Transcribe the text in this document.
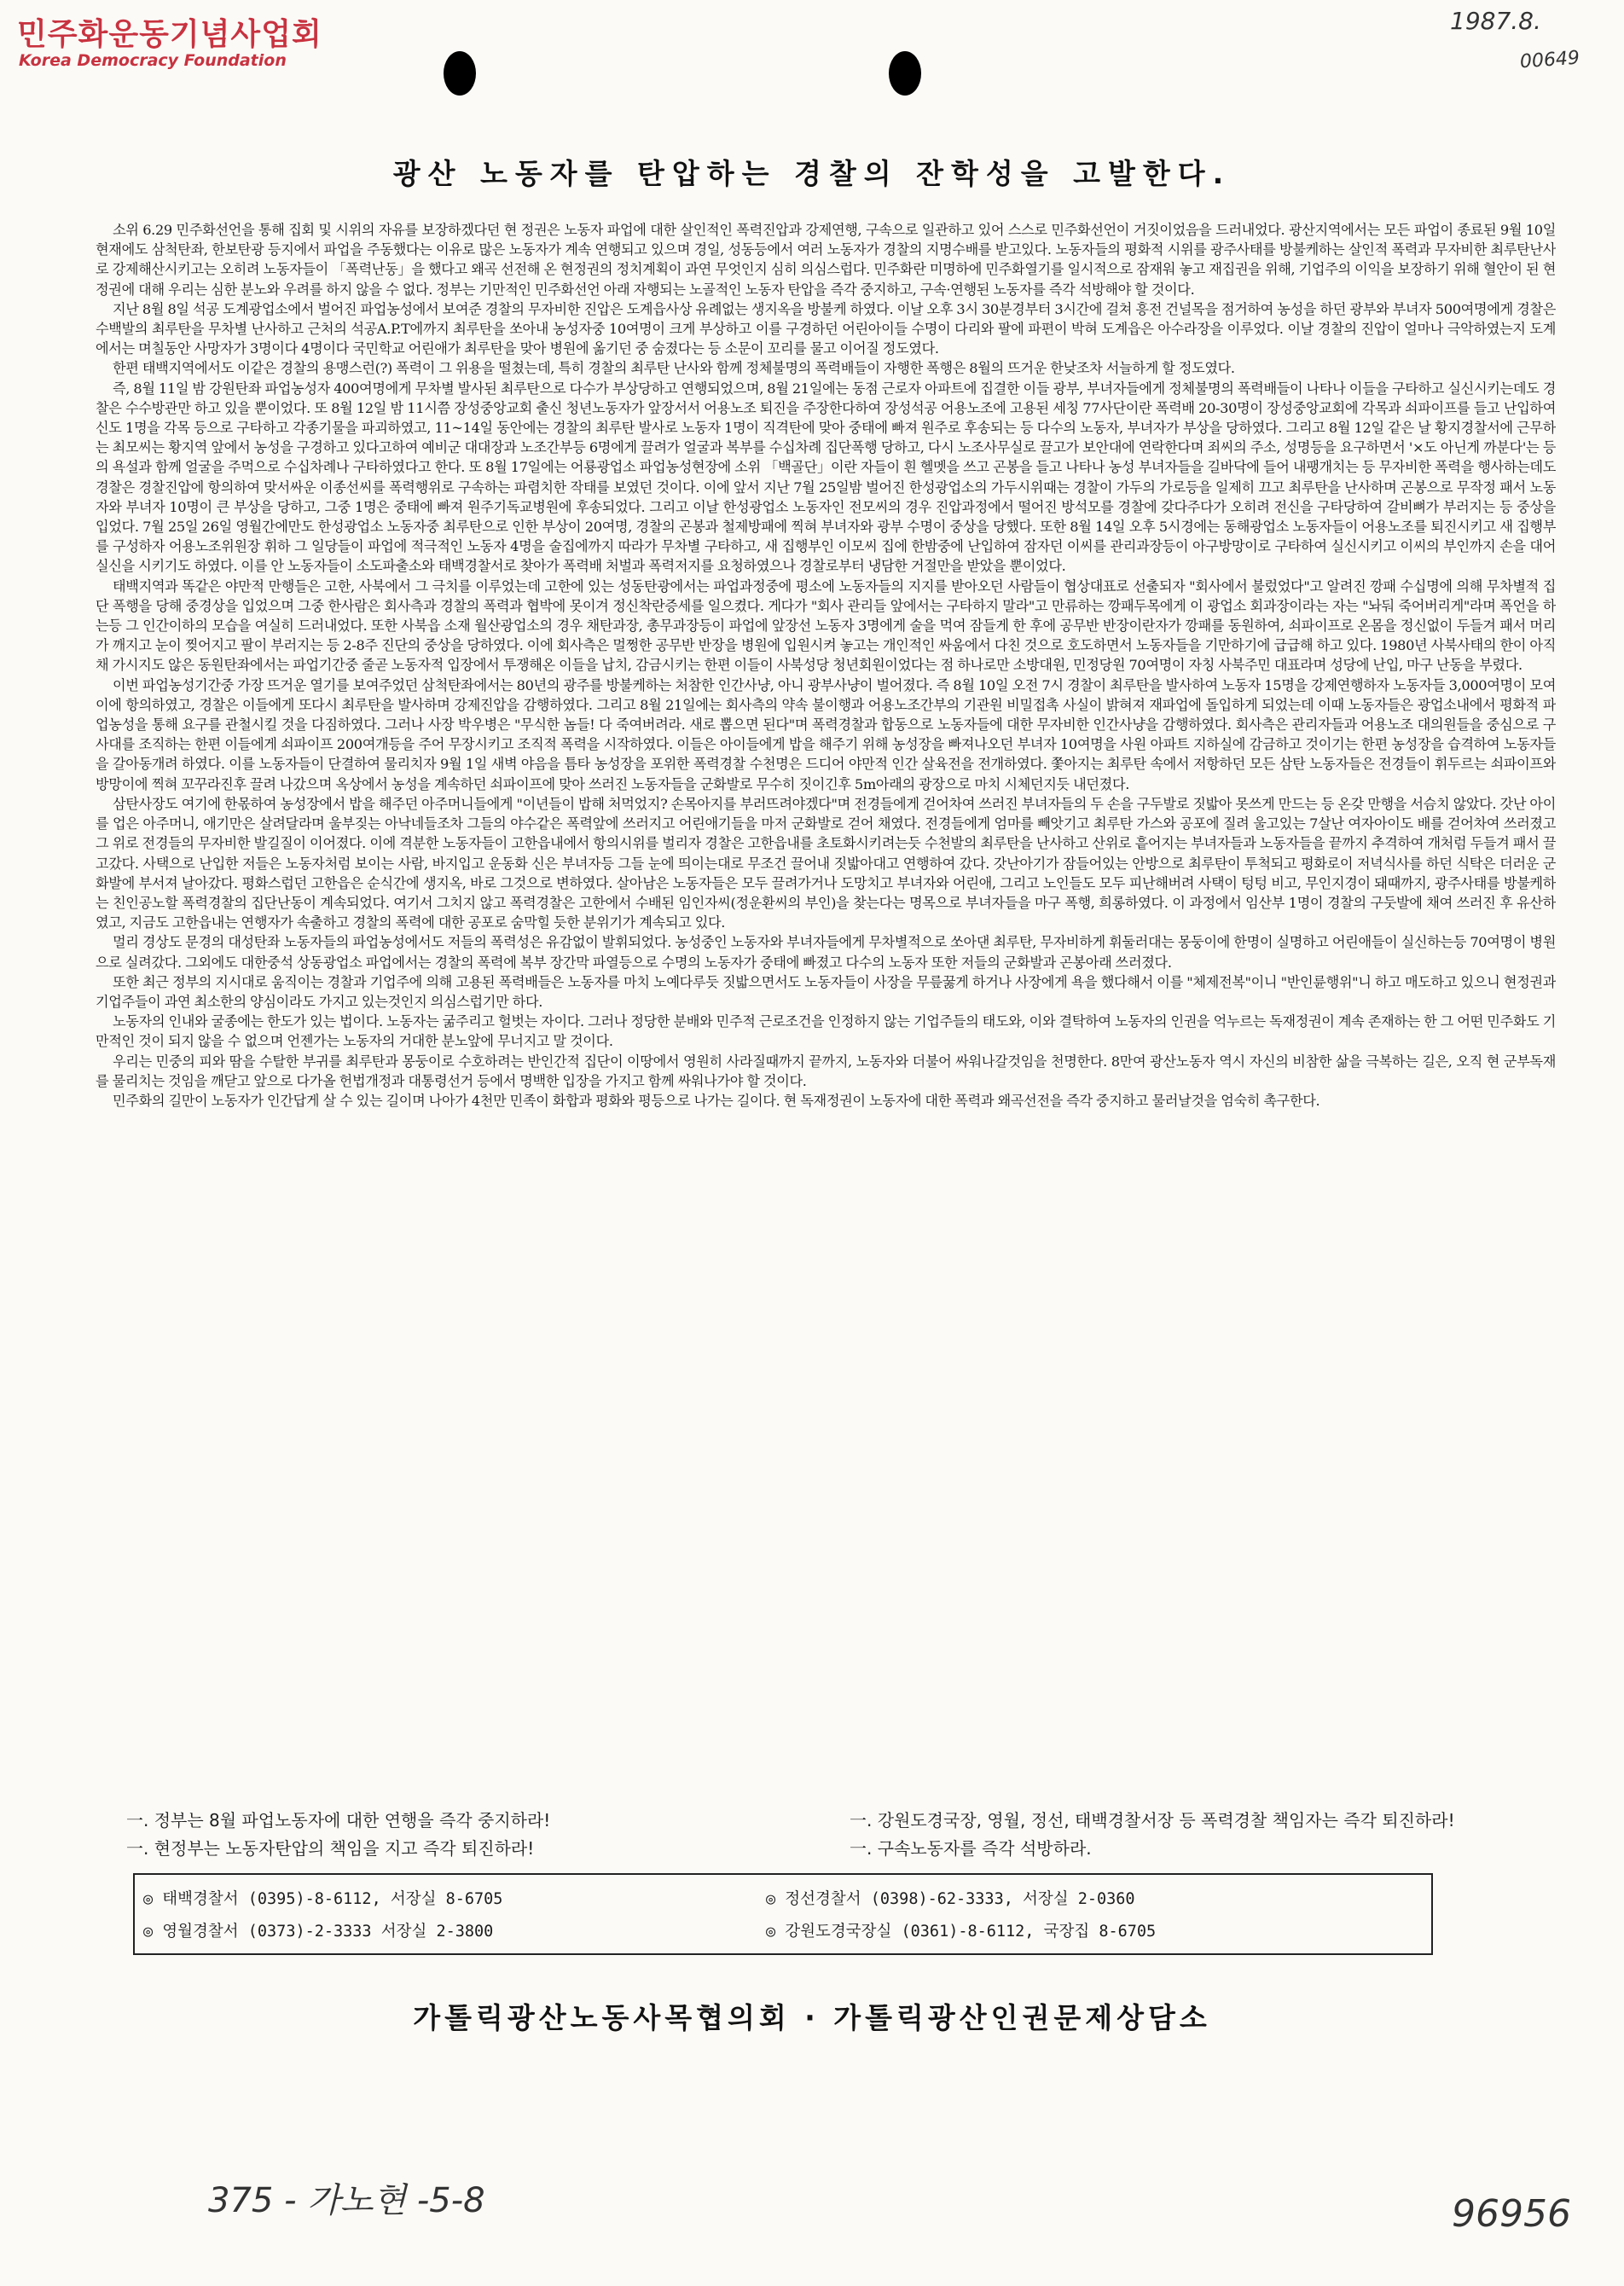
민주화운동기념사업회
Korea Democracy Foundation
1987.8.
00649
광산 노동자를 탄압하는 경찰의 잔학성을 고발한다.

소위 6.29 민주화선언을 통해 집회 및 시위의 자유를 보장하겠다던 현 정권은 노동자 파업에 대한 살인적인 폭력진압과 강제연행, 구속으로 일관하고 있어 스스로 민주화선언이 거짓이었음을 드러내었다. 광산지역에서는 모든 파업이 종료된 9월 10일 현재에도 삼척탄좌, 한보탄광 등지에서 파업을 주동했다는 이유로 많은 노동자가 계속 연행되고 있으며 경일, 성동등에서 여러 노동자가 경찰의 지명수배를 받고있다. 노동자들의 평화적 시위를 광주사태를 방불케하는 살인적 폭력과 무자비한 최루탄난사로 강제해산시키고는 오히려 노동자들이 「폭력난동」을 했다고 왜곡 선전해 온 현정권의 정치계획이 과연 무엇인지 심히 의심스럽다. 민주화란 미명하에 민주화열기를 일시적으로 잠재워 놓고 재집권을 위해, 기업주의 이익을 보장하기 위해 혈안이 된 현정권에 대해 우리는 심한 분노와 우려를 하지 않을 수 없다. 정부는 기만적인 민주화선언 아래 자행되는 노골적인 노동자 탄압을 즉각 중지하고, 구속·연행된 노동자를 즉각 석방해야 할 것이다.

지난 8월 8일 석공 도계광업소에서 벌어진 파업농성에서 보여준 경찰의 무자비한 진압은 도계읍사상 유례없는 생지옥을 방불케 하였다. 이날 오후 3시 30분경부터 3시간에 걸쳐 흥전 건널목을 점거하여 농성을 하던 광부와 부녀자 500여명에게 경찰은 수백발의 최루탄을 무차별 난사하고 근처의 석공A.P.T에까지 최루탄을 쏘아내 농성자중 10여명이 크게 부상하고 이를 구경하던 어린아이들 수명이 다리와 팔에 파편이 박혀 도계읍은 아수라장을 이루었다. 이날 경찰의 진압이 얼마나 극악하였는지 도계에서는 며칠동안 사망자가 3명이다 4명이다 국민학교 어린애가 최루탄을 맞아 병원에 옮기던 중 숨졌다는 등 소문이 꼬리를 물고 이어질 정도였다.

한편 태백지역에서도 이같은 경찰의 용맹스런(?) 폭력이 그 위용을 떨쳤는데, 특히 경찰의 최루탄 난사와 함께 정체불명의 폭력배들이 자행한 폭행은 8월의 뜨거운 한낮조차 서늘하게 할 정도였다.

즉, 8월 11일 밤 강원탄좌 파업농성자 400여명에게 무차별 발사된 최루탄으로 다수가 부상당하고 연행되었으며, 8월 21일에는 동점 근로자 아파트에 집결한 이들 광부, 부녀자들에게 정체불명의 폭력배들이 나타나 이들을 구타하고 실신시키는데도 경찰은 수수방관만 하고 있을 뿐이었다. 또 8월 12일 밤 11시쯤 장성중앙교회 출신 청년노동자가 앞장서서 어용노조 퇴진을 주장한다하여 장성석공 어용노조에 고용된 세칭 77사단이란 폭력배 20-30명이 장성중앙교회에 각목과 쇠파이프를 들고 난입하여 신도 1명을 각목 등으로 구타하고 각종기물을 파괴하였고, 11~14일 동안에는 경찰의 최루탄 발사로 노동자 1명이 직격탄에 맞아 중태에 빠져 원주로 후송되는 등 다수의 노동자, 부녀자가 부상을 당하였다. 그리고 8월 12일 같은 날 황지경찰서에 근무하는 최모씨는 황지역 앞에서 농성을 구경하고 있다고하여 예비군 대대장과 노조간부등 6명에게 끌려가 얼굴과 복부를 수십차례 집단폭행 당하고, 다시 노조사무실로 끌고가 보안대에 연락한다며 죄씨의 주소, 성명등을 요구하면서 '×도 아닌게 까분다'는 등의 욕설과 함께 얼굴을 주먹으로 수십차례나 구타하였다고 한다. 또 8월 17일에는 어룡광업소 파업농성현장에 소위 「백골단」이란 자들이 흰 헬멧을 쓰고 곤봉을 들고 나타나 농성 부녀자들을 길바닥에 들어 내팽개치는 등 무자비한 폭력을 행사하는데도 경찰은 경찰진압에 항의하여 맞서싸운 이종선씨를 폭력행위로 구속하는 파렴치한 작태를 보였던 것이다. 이에 앞서 지난 7월 25일밤 벌어진 한성광업소의 가두시위때는 경찰이 가두의 가로등을 일제히 끄고 최루탄을 난사하며 곤봉으로 무작정 패서 노동자와 부녀자 10명이 큰 부상을 당하고, 그중 1명은 중태에 빠져 원주기독교병원에 후송되었다. 그리고 이날 한성광업소 노동자인 전모씨의 경우 진압과정에서 떨어진 방석모를 경찰에 갖다주다가 오히려 전신을 구타당하여 갈비뼈가 부러지는 등 중상을 입었다. 7월 25일 26일 영월간에만도 한성광업소 노동자중 최루탄으로 인한 부상이 20여명, 경찰의 곤봉과 철제방패에 찍혀 부녀자와 광부 수명이 중상을 당했다. 또한 8월 14일 오후 5시경에는 동해광업소 노동자들이 어용노조를 퇴진시키고 새 집행부를 구성하자 어용노조위원장 휘하 그 일당들이 파업에 적극적인 노동자 4명을 술집에까지 따라가 무차별 구타하고, 새 집행부인 이모씨 집에 한밤중에 난입하여 잠자던 이씨를 관리과장등이 아구방망이로 구타하여 실신시키고 이씨의 부인까지 손을 대어 실신을 시키기도 하였다. 이를 안 노동자들이 소도파출소와 태백경찰서로 찾아가 폭력배 처벌과 폭력저지를 요청하였으나 경찰로부터 냉담한 거절만을 받았을 뿐이었다.

태백지역과 똑같은 야만적 만행들은 고한, 사북에서 그 극치를 이루었는데 고한에 있는 성동탄광에서는 파업과정중에 평소에 노동자들의 지지를 받아오던 사람들이 협상대표로 선출되자 "회사에서 불렀었다"고 알려진 깡패 수십명에 의해 무차별적 집단 폭행을 당해 중경상을 입었으며 그중 한사람은 회사측과 경찰의 폭력과 협박에 못이겨 정신착란증세를 일으켰다. 게다가 "회사 관리들 앞에서는 구타하지 말라"고 만류하는 깡패두목에게 이 광업소 회과장이라는 자는 "놔둬 죽어버리게"라며 폭언을 하는등 그 인간이하의 모습을 여실히 드러내었다. 또한 사북읍 소재 월산광업소의 경우 채탄과장, 총무과장등이 파업에 앞장선 노동자 3명에게 술을 먹여 잠들게 한 후에 공무반 반장이란자가 깡패를 동원하여, 쇠파이프로 온몸을 정신없이 두들겨 패서 머리가 깨지고 눈이 찢어지고 팔이 부러지는 등 2-8주 진단의 중상을 당하였다. 이에 회사측은 멀쩡한 공무반 반장을 병원에 입원시켜 놓고는 개인적인 싸움에서 다친 것으로 호도하면서 노동자들을 기만하기에 급급해 하고 있다. 1980년 사북사태의 한이 아직 채 가시지도 않은 동원탄좌에서는 파업기간중 줄곧 노동자적 입장에서 투쟁해온 이들을 납치, 감금시키는 한편 이들이 사북성당 청년회원이었다는 점 하나로만 소방대원, 민정당원 70여명이 자칭 사북주민 대표라며 성당에 난입, 마구 난동을 부렸다.

이번 파업농성기간중 가장 뜨거운 열기를 보여주었던 삼척탄좌에서는 80년의 광주를 방불케하는 처참한 인간사냥, 아니 광부사냥이 벌어졌다. 즉 8월 10일 오전 7시 경찰이 최루탄을 발사하여 노동자 15명을 강제연행하자 노동자들 3,000여명이 모여 이에 항의하였고, 경찰은 이들에게 또다시 최루탄을 발사하며 강제진압을 감행하였다. 그리고 8월 21일에는 회사측의 약속 불이행과 어용노조간부의 기관원 비밀접촉 사실이 밝혀져 재파업에 돌입하게 되었는데 이때 노동자들은 광업소내에서 평화적 파업농성을 통해 요구를 관철시킬 것을 다짐하였다. 그러나 사장 박우병은 "무식한 놈들! 다 죽여버려라. 새로 뽑으면 된다"며 폭력경찰과 합동으로 노동자들에 대한 무자비한 인간사냥을 감행하였다. 회사측은 관리자들과 어용노조 대의원들을 중심으로 구사대를 조직하는 한편 이들에게 쇠파이프 200여개등을 주어 무장시키고 조직적 폭력을 시작하였다. 이들은 아이들에게 밥을 해주기 위해 농성장을 빠져나오던 부녀자 10여명을 사원 아파트 지하실에 감금하고 것이기는 한편 농성장을 습격하여 노동자들을 갈아동개려 하였다. 이를 노동자들이 단결하여 물리치자 9월 1일 새벽 야음을 틈타 농성장을 포위한 폭력경찰 수천명은 드디어 야만적 인간 살육전을 전개하였다. 쫓아지는 최루탄 속에서 저항하던 모든 삼탄 노동자들은 전경들이 휘두르는 쇠파이프와 방망이에 찍혀 꼬꾸라진후 끌려 나갔으며 옥상에서 농성을 계속하던 쇠파이프에 맞아 쓰러진 노동자들을 군화발로 무수히 짓이긴후 5m아래의 광장으로 마치 시체던지듯 내던졌다.

삼탄사장도 여기에 한몫하여 농성장에서 밥을 해주던 아주머니들에게 "이년들이 밥해 처먹었지? 손목아지를 부러뜨려야겠다"며 전경들에게 걷어차여 쓰러진 부녀자들의 두 손을 구두발로 짓밟아 못쓰게 만드는 등 온갖 만행을 서슴치 않았다. 갓난 아이를 업은 아주머니, 애기만은 살려달라며 울부짖는 아낙네들조차 그들의 야수같은 폭력앞에 쓰러지고 어린애기들을 마저 군화발로 걷어 채였다. 전경들에게 엄마를 빼앗기고 최루탄 가스와 공포에 질려 울고있는 7살난 여자아이도 배를 걷어차여 쓰러졌고 그 위로 전경들의 무자비한 발길질이 이어졌다. 이에 격분한 노동자들이 고한읍내에서 항의시위를 벌리자 경찰은 고한읍내를 초토화시키려는듯 수천발의 최루탄을 난사하고 산위로 흩어지는 부녀자들과 노동자들을 끝까지 추격하여 개처럼 두들겨 패서 끌고갔다. 사택으로 난입한 저들은 노동자처럼 보이는 사람, 바지입고 운동화 신은 부녀자등 그들 눈에 띄이는대로 무조건 끌어내 짓밟아대고 연행하여 갔다. 갓난아기가 잠들어있는 안방으로 최루탄이 투척되고 평화로이 저녁식사를 하던 식탁은 더러운 군화발에 부서져 날아갔다. 평화스럽던 고한읍은 순식간에 생지옥, 바로 그것으로 변하였다. 살아남은 노동자들은 모두 끌려가거나 도망치고 부녀자와 어린애, 그리고 노인들도 모두 피난해버려 사택이 텅텅 비고, 무인지경이 돼때까지, 광주사태를 방불케하는 친인공노할 폭력경찰의 집단난동이 계속되었다. 여기서 그치지 않고 폭력경찰은 고한에서 수배된 임인자씨(정운환씨의 부인)을 찾는다는 명목으로 부녀자들을 마구 폭행, 희롱하였다. 이 과정에서 임산부 1명이 경찰의 구둣발에 채여 쓰러진 후 유산하였고, 지금도 고한읍내는 연행자가 속출하고 경찰의 폭력에 대한 공포로 숨막힐 듯한 분위기가 계속되고 있다.

멀리 경상도 문경의 대성탄좌 노동자들의 파업농성에서도 저들의 폭력성은 유감없이 발휘되었다. 농성중인 노동자와 부녀자들에게 무차별적으로 쏘아댄 최루탄, 무자비하게 휘둘러대는 몽둥이에 한명이 실명하고 어린애들이 실신하는등 70여명이 병원으로 실려갔다. 그외에도 대한중석 상동광업소 파업에서는 경찰의 폭력에 복부 장간막 파열등으로 수명의 노동자가 중태에 빠졌고 다수의 노동자 또한 저들의 군화발과 곤봉아래 쓰러졌다.

또한 최근 정부의 지시대로 움직이는 경찰과 기업주에 의해 고용된 폭력배들은 노동자를 마치 노예다루듯 짓밟으면서도 노동자들이 사장을 무릎꿇게 하거나 사장에게 욕을 했다해서 이를 "체제전복"이니 "반인륜행위"니 하고 매도하고 있으니 현정권과 기업주들이 과연 최소한의 양심이라도 가지고 있는것인지 의심스럽기만 하다.

노동자의 인내와 굴종에는 한도가 있는 법이다. 노동자는 굶주리고 헐벗는 자이다. 그러나 정당한 분배와 민주적 근로조건을 인정하지 않는 기업주들의 태도와, 이와 결탁하여 노동자의 인권을 억누르는 독재정권이 계속 존재하는 한 그 어떤 민주화도 기만적인 것이 되지 않을 수 없으며 언젠가는 노동자의 거대한 분노앞에 무너지고 말 것이다.

우리는 민중의 피와 땀을 수탈한 부귀를 최루탄과 몽둥이로 수호하려는 반인간적 집단이 이땅에서 영원히 사라질때까지 끝까지, 노동자와 더불어 싸워나갈것임을 천명한다. 8만여 광산노동자 역시 자신의 비참한 삶을 극복하는 길은, 오직 현 군부독재를 물리치는 것임을 깨닫고 앞으로 다가올 헌법개정과 대통령선거 등에서 명백한 입장을 가지고 함께 싸워나가야 할 것이다.

민주화의 길만이 노동자가 인간답게 살 수 있는 길이며 나아가 4천만 민족이 화합과 평화와 평등으로 나가는 길이다. 현 독재정권이 노동자에 대한 폭력과 왜곡선전을 즉각 중지하고 물러날것을 엄숙히 촉구한다.

一. 정부는 8월 파업노동자에 대한 연행을 즉각 중지하라!
一. 현정부는 노동자탄압의 책임을 지고 즉각 퇴진하라!
一. 강원도경국장, 영월, 정선, 태백경찰서장 등 폭력경찰 책임자는 즉각 퇴진하라!
一. 구속노동자를 즉각 석방하라.
◎ 태백경찰서 (0395)-8-6112, 서장실 8-6705
◎ 영월경찰서 (0373)-2-3333 서장실 2-3800
◎ 정선경찰서 (0398)-62-3333, 서장실 2-0360
◎ 강원도경국장실 (0361)-8-6112, 국장집 8-6705
가톨릭광산노동사목협의회 · 가톨릭광산인권문제상담소
375 - 가노현 -5-8	96956
